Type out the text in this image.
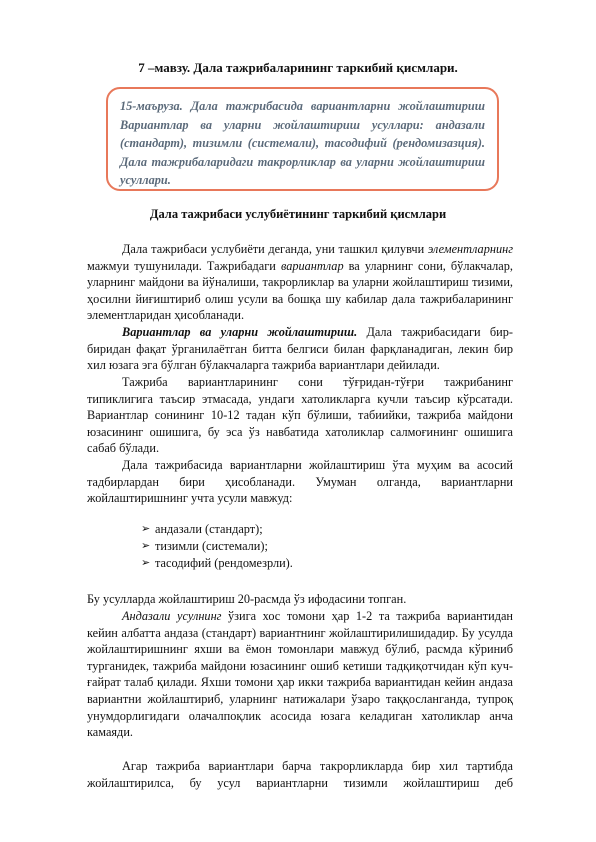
7 –мавзу. Дала тажрибаларининг таркибий қисмлари.

15-маъруза. Дала тажрибасида вариантларни жойлаштириш Вариантлар ва уларни жойлаштириш усуллари: андазали (стандарт), тизимли (системали), тасодифий (рендомизазция). Дала тажрибаларидаги такрорликлар ва уларни жойлаштириш усуллари.

Дала тажрибаси услубиётининг таркибий қисмлари

Дала тажрибаси услубиёти деганда, уни ташкил қилувчи элементларнинг мажмуи тушунилади. Тажрибадаги вариантлар ва уларнинг сони, бўлакчалар, уларнинг майдони ва йўналиши, такрорликлар ва уларни жойлаштириш тизими, ҳосилни йиғиштириб олиш усули ва бошқа шу кабилар дала тажрибаларининг элементларидан ҳисобланади.

Вариантлар ва уларни жойлаштириш. Дала тажрибасидаги бир-биридан фақат ўрганилаётган битта белгиси билан фарқланадиган, лекин бир хил юзага эга бўлган бўлакчаларга тажриба вариантлари дейилади.

Тажриба вариантларининг сони тўғридан-тўғри тажрибанинг типиклигига таъсир этмасада, ундаги хатоликларга кучли таъсир кўрсатади. Вариантлар сонининг 10-12 тадан кўп бўлиши, табиийки, тажриба майдони юзасининг ошишига, бу эса ўз навбатида хатоликлар салмоғининг ошишига сабаб бўлади.

Дала тажрибасида вариантларни жойлаштириш ўта муҳим ва асосий тадбирлардан бири ҳисобланади. Умуман олганда, вариантларни жойлаштиришнинг учта усули мавжуд:

➢ андазали (стандарт);
➢ тизимли (системали);
➢ тасодифий (рендомезрли).

Бу усулларда жойлаштириш 20-расмда ўз ифодасини топган.

Андазали усулнинг ўзига хос томони ҳар 1-2 та тажриба вариантидан кейин албатта андаза (стандарт) вариантнинг жойлаштирилишидадир. Бу усулда жойлаштиришнинг яхши ва ёмон томонлари мавжуд бўлиб, расмда кўриниб турганидек, тажриба майдони юзасининг ошиб кетиши тадқиқотчидан кўп куч-ғайрат талаб қилади. Яхши томони ҳар икки тажриба вариантидан кейин андаза вариантни жойлаштириб, уларнинг натижалари ўзаро таққосланганда, тупроқ унумдорлигидаги олачалпоқлик асосида юзага келадиган хатоликлар анча камаяди.

Агар тажриба вариантлари барча такрорликларда бир хил тартибда жойлаштирилса, бу усул вариантларни тизимли жойлаштириш деб
